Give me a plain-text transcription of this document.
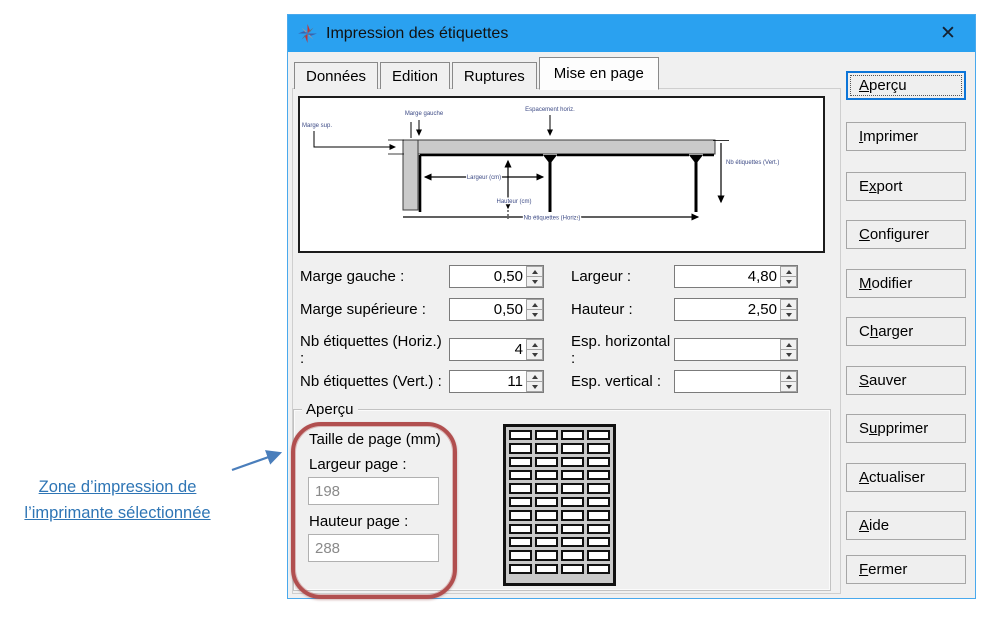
Impression des étiquettes	✕
Données Edition Ruptures Mise en page
Marge gauche
Marge sup.
Espacement horiz.
Largeur (cm)
Hauteur (cm)
Nb étiquettes (Horiz.)
Nb étiquettes (Vert.)
Marge gauche :
0,50
Marge supérieure :
0,50
Nb étiquettes (Horiz.) :
4
Nb étiquettes (Vert.) :
11
Largeur :
4,80
Hauteur :
2,50
Esp. horizontal :
Esp. vertical :
Aperçu
Taille de page (mm)
Largeur page :
198
Hauteur page :
288
Aperçu
Imprimer
Export
Configurer
Modifier
Charger
Sauver
Supprimer
Actualiser
Aide
Fermer
Zone d’impression de
l’imprimante sélectionnée
